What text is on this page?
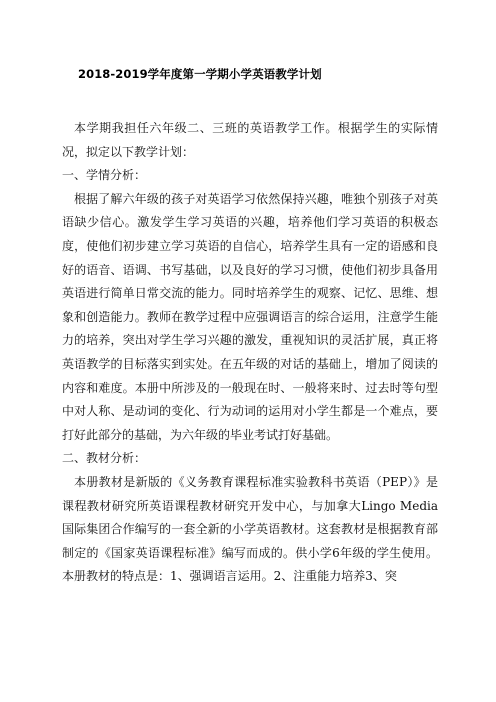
2018-2019学年度第一学期小学英语教学计划

本学期我担任六年级二、三班的英语教学工作。根据学生的实际情况，拟定以下教学计划：

一、学情分析：

根据了解六年级的孩子对英语学习依然保持兴趣，唯独个别孩子对英语缺少信心。激发学生学习英语的兴趣，培养他们学习英语的积极态度，使他们初步建立学习英语的自信心，培养学生具有一定的语感和良好的语音、语调、书写基础，以及良好的学习习惯，使他们初步具备用英语进行简单日常交流的能力。同时培养学生的观察、记忆、思维、想象和创造能力。教师在教学过程中应强调语言的综合运用，注意学生能力的培养，突出对学生学习兴趣的激发，重视知识的灵活扩展，真正将英语教学的目标落实到实处。在五年级的对话的基础上，增加了阅读的内容和难度。本册中所涉及的一般现在时、一般将来时、过去时等句型中对人称、是动词的变化、行为动词的运用对小学生都是一个难点，要打好此部分的基础，为六年级的毕业考试打好基础。

二、教材分析：

本册教材是新版的《义务教育课程标准实验教科书英语（PEP）》是课程教材研究所英语课程教材研究开发中心，与加拿大Lingo Media国际集团合作编写的一套全新的小学英语教材。这套教材是根据教育部制定的《国家英语课程标准》编写而成的。供小学6年级的学生使用。本册教材的特点是：1、强调语言运用。2、注重能力培养3、突
